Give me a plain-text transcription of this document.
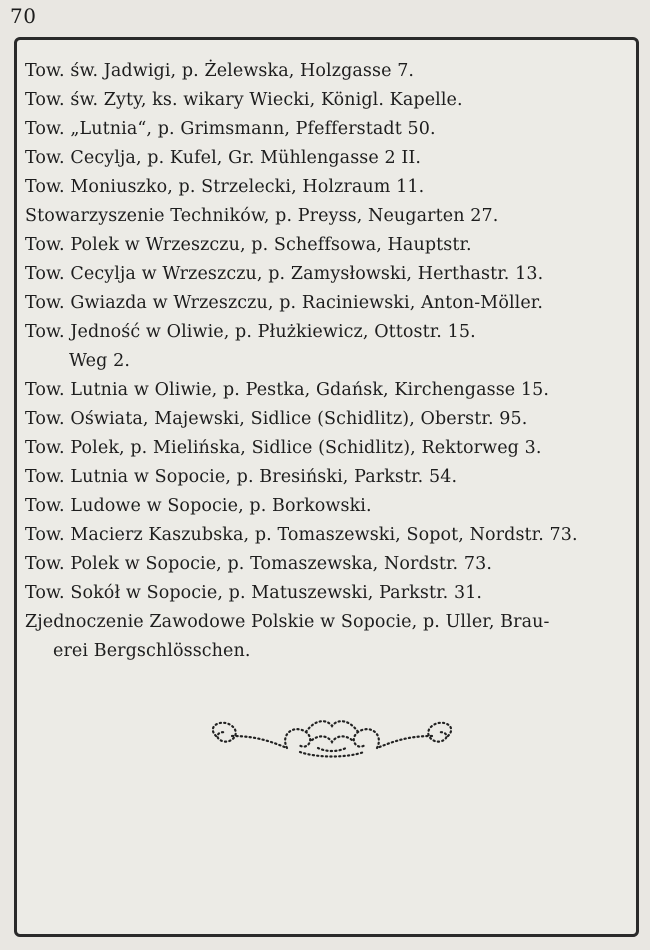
70
Tow. św. Jadwigi, p. Żelewska, Holzgasse 7.
Tow. św. Zyty, ks. wikary Wiecki, Königl. Kapelle.
Tow. „Lutnia“, p. Grimsmann, Pfefferstadt 50.
Tow. Cecylja, p. Kufel, Gr. Mühlengasse 2 II.
Tow. Moniuszko, p. Strzelecki, Holzraum 11.
Stowarzyszenie Techników, p. Preyss, Neugarten 27.
Tow. Polek w Wrzeszczu, p. Scheffsowa, Hauptstr.
Tow. Cecylja w Wrzeszczu, p. Zamysłowski, Herthastr. 13.
Tow. Gwiazda w Wrzeszczu, p. Raciniewski, Anton-Möller.
Tow. Jedność w Oliwie, p. Płużkiewicz, Ottostr. 15.
Weg 2.
Tow. Lutnia w Oliwie, p. Pestka, Gdańsk, Kirchengasse 15.
Tow. Oświata, Majewski, Sidlice (Schidlitz), Oberstr. 95.
Tow. Polek, p. Mielińska, Sidlice (Schidlitz), Rektorweg 3.
Tow. Lutnia w Sopocie, p. Bresiński, Parkstr. 54.
Tow. Ludowe w Sopocie, p. Borkowski.
Tow. Macierz Kaszubska, p. Tomaszewski, Sopot, Nordstr. 73.
Tow. Polek w Sopocie, p. Tomaszewska, Nordstr. 73.
Tow. Sokół w Sopocie, p. Matuszewski, Parkstr. 31.
Zjednoczenie Zawodowe Polskie w Sopocie, p. Uller, Brau-
erei Bergschlösschen.
